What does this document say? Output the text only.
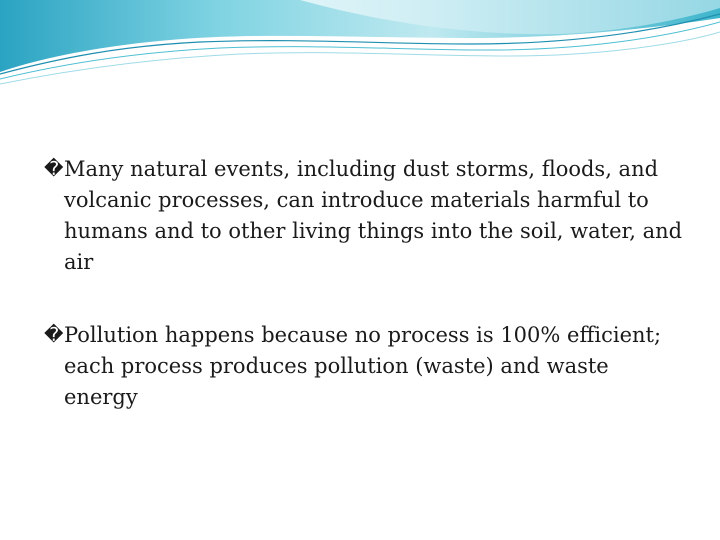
� Many natural events, including dust storms, floods, and volcanic processes, can introduce materials harmful to humans and to other living things into the soil, water, and air
� Pollution happens because no process is 100% efficient; each process produces pollution (waste) and waste energy
